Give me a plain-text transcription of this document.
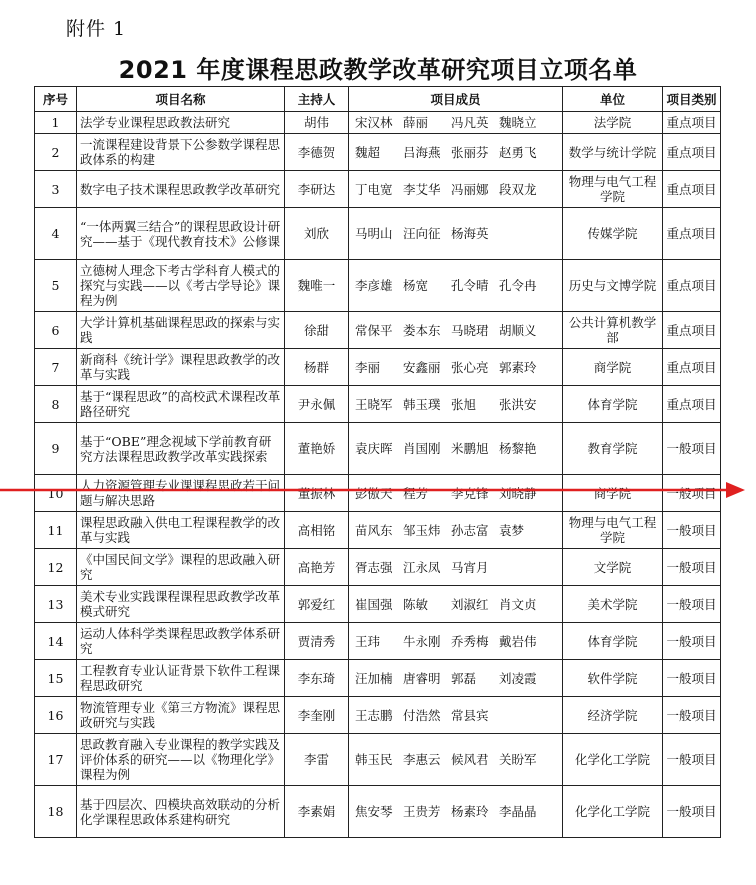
附件 1
2021 年度课程思政教学改革研究项目立项名单
序号	项目名称	主持人	项目成员	单位	项目类别
1	法学专业课程思政教法研究	胡伟	宋汉林 薛丽 冯凡英 魏晓立	法学院	重点项目
2	一流课程建设背景下公参数学课程思政体系的构建	李德贺	魏超 吕海燕 张丽芬 赵勇飞	数学与统计学院	重点项目
3	数字电子技术课程思政教学改革研究	李研达	丁电宽 李艾华 冯丽娜 段双龙	物理与电气工程学院	重点项目
4	“一体两翼三结合”的课程思政设计研究——基于《现代教育技术》公修课	刘欣	马明山 汪向征 杨海英	传媒学院	重点项目
5	立德树人理念下考古学科育人模式的探究与实践——以《考古学导论》课程为例	魏唯一	李彦雄 杨宽 孔令晴 孔令冉	历史与文博学院	重点项目
6	大学计算机基础课程思政的探索与实践	徐甜	常保平 娄本东 马晓珺 胡顺义	公共计算机教学部	重点项目
7	新商科《统计学》课程思政教学的改革与实践	杨群	李丽 安鑫丽 张心亮 郭素玲	商学院	重点项目
8	基于“课程思政”的高校武术课程改革路径研究	尹永佩	王晓军 韩玉璞 张旭 张洪安	体育学院	重点项目
9	基于“OBE”理念视域下学前教育研究方法课程思政教学改革实践探索	董艳娇	袁庆晖 肖国刚 米鹏旭 杨黎艳	教育学院	一般项目
10	人力资源管理专业课课程思政若干问题与解决思路	董振林	彭傲天 程芳 李克锋 刘晓静	商学院	一般项目
11	课程思政融入供电工程课程教学的改革与实践	高相铭	苗风东 邹玉炜 孙志富 袁梦	物理与电气工程学院	一般项目
12	《中国民间文学》课程的思政融入研究	高艳芳	胥志强 江永凤 马宵月	文学院	一般项目
13	美术专业实践课程课程思政教学改革模式研究	郭爱红	崔国强 陈敏 刘淑红 肖文贞	美术学院	一般项目
14	运动人体科学类课程思政教学体系研究	贾清秀	王玮 牛永刚 乔秀梅 戴岩伟	体育学院	一般项目
15	工程教育专业认证背景下软件工程课程思政研究	李东琦	汪加楠 唐睿明 郭磊 刘凌霞	软件学院	一般项目
16	物流管理专业《第三方物流》课程思政研究与实践	李奎刚	王志鹏 付浩然 常县宾	经济学院	一般项目
17	思政教育融入专业课程的教学实践及评价体系的研究——以《物理化学》课程为例	李雷	韩玉民 李惠云 候风君 关盼军	化学化工学院	一般项目
18	基于四层次、四模块高效联动的分析化学课程思政体系建构研究	李素娟	焦安琴 王贵芳 杨素玲 李晶晶	化学化工学院	一般项目
